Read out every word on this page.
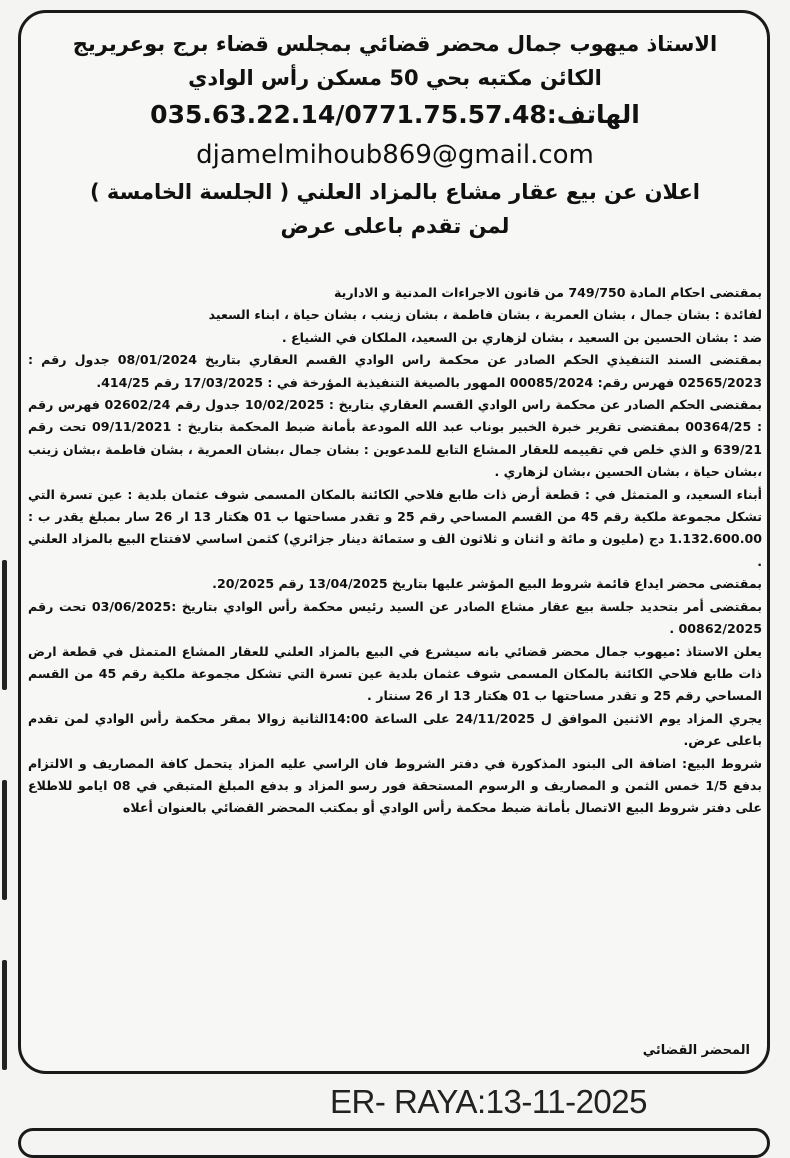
الاستاذ ميهوب جمال محضر قضائي بمجلس قضاء برج بوعريريج

الكائن مكتبه بحي 50 مسكن رأس الوادي

الهاتف:035.63.22.14/0771.75.57.48

djamelmihoub869@gmail.com

اعلان عن بيع عقار مشاع بالمزاد العلني ( الجلسة الخامسة )

لمن تقدم باعلى عرض

بمقتضى احكام المادة 749/750 من قانون الاجراءات المدنية و الادارية

لفائدة : بشان جمال ، بشان العمرية ، بشان فاطمة ، بشان زينب ، بشان حياة ، ابناء السعيد

ضد : بشان الحسين بن السعيد ، بشان لزهاري بن السعيد، الملكان في الشياع .

بمقتضى السند التنفيذي الحكم الصادر عن محكمة راس الوادي القسم العقاري بتاريخ 08/01/2024 جدول رقم : 02565/2023 فهرس رقم: 00085/2024 المهور بالصيغة التنفيذية المؤرخة في : 17/03/2025 رقم 414/25.

بمقتضى الحكم الصادر عن محكمة راس الوادي القسم العقاري بتاريخ : 10/02/2025 جدول رقم 02602/24 فهرس رقم : 00364/25 بمقتضى تقرير خبرة الخبير بوناب عبد الله المودعة بأمانة ضبط المحكمة بتاريخ : 09/11/2021 تحت رقم 639/21 و الذي خلص في تقييمه للعقار المشاع التابع للمدعوين : بشان جمال ،بشان العمرية ، بشان فاطمة ،بشان زينب ،بشان حياة ، بشان الحسين ،بشان لزهاري .

أبناء السعيد، و المتمثل في : قطعة أرض ذات طابع فلاحي الكائنة بالمكان المسمى شوف عثمان بلدية : عين تسرة التي تشكل مجموعة ملكية رقم 45 من القسم المساحي رقم 25 و تقدر مساحتها ب 01 هكتار 13 ار 26 سار بمبلغ يقدر ب : 1.132.600.00 دج (مليون و مائة و اثنان و ثلاثون الف و ستمائة دينار جزائري) كثمن اساسي لافتتاح البيع بالمزاد العلني .

بمقتضى محضر ايداع قائمة شروط البيع المؤشر عليها بتاريخ 13/04/2025 رقم 20/2025.

بمقتضى أمر بتحديد جلسة بيع عقار مشاع الصادر عن السيد رئيس محكمة رأس الوادي بتاريخ :03/06/2025 تحت رقم 00862/2025 .

يعلن الاستاذ :ميهوب جمال محضر قضائي بانه سيشرع في البيع بالمزاد العلني للعقار المشاع المتمثل في قطعة ارض ذات طابع فلاحي الكائنة بالمكان المسمى شوف عثمان بلدية عين تسرة التي تشكل مجموعة ملكية رقم 45 من القسم المساحي رقم 25 و تقدر مساحتها ب 01 هكتار 13 ار 26 سنتار .

يجري المزاد يوم الاثنين الموافق ل 24/11/2025 على الساعة 14:00الثانية زوالا بمقر محكمة رأس الوادي لمن تقدم باعلى عرض.

شروط البيع: اضافة الى البنود المذكورة في دفتر الشروط فان الراسي عليه المزاد يتحمل كافة المصاريف و الالتزام بدفع 1/5 خمس الثمن و المصاريف و الرسوم المستحقة فور رسو المزاد و بدفع المبلغ المتبقي في 08 ايامو للاطلاع على دفتر شروط البيع الاتصال بأمانة ضبط محكمة رأس الوادي أو بمكتب المحضر القضائي بالعنوان أعلاه

المحضر القضائي
ER- RAYA:13-11-2025
